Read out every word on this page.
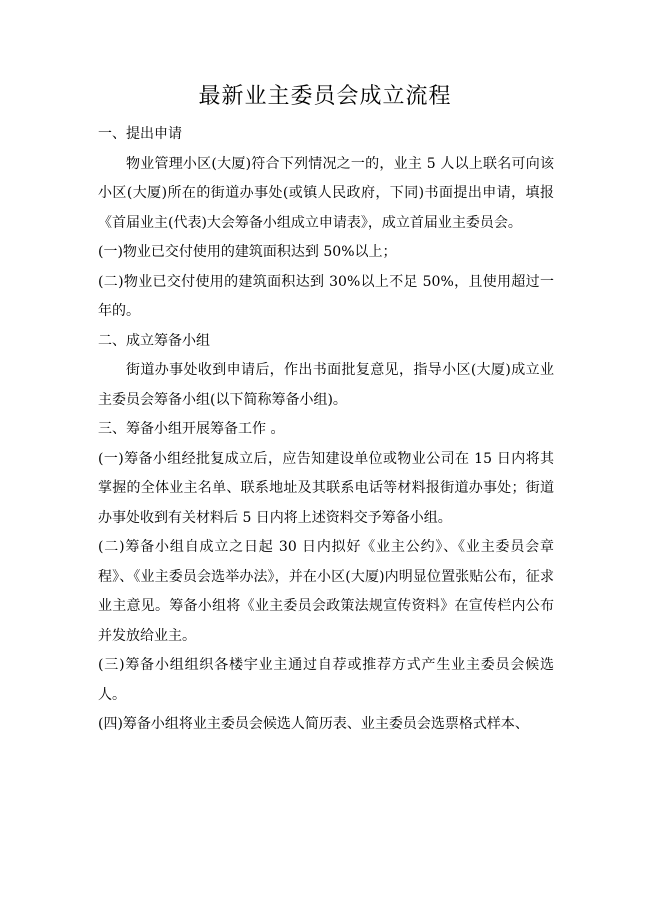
最新业主委员会成立流程

一、提出申请

物业管理小区(大厦)符合下列情况之一的，业主 5 人以上联名可向该小区(大厦)所在的街道办事处(或镇人民政府，下同)书面提出申请，填报《首届业主(代表)大会筹备小组成立申请表》，成立首届业主委员会。

(一)物业已交付使用的建筑面积达到 50%以上；

(二)物业已交付使用的建筑面积达到 30%以上不足 50%，且使用超过一年的。

二、成立筹备小组

街道办事处收到申请后，作出书面批复意见，指导小区(大厦)成立业主委员会筹备小组(以下简称筹备小组)。

三、筹备小组开展筹备工作 。

(一)筹备小组经批复成立后，应告知建设单位或物业公司在 15 日内将其掌握的全体业主名单、联系地址及其联系电话等材料报街道办事处；街道办事处收到有关材料后 5 日内将上述资料交予筹备小组。

(二)筹备小组自成立之日起 30 日内拟好《业主公约》、《业主委员会章程》、《业主委员会选举办法》，并在小区(大厦)内明显位置张贴公布，征求业主意见。筹备小组将《业主委员会政策法规宣传资料》在宣传栏内公布并发放给业主。

(三)筹备小组组织各楼宇业主通过自荐或推荐方式产生业主委员会候选人。

(四)筹备小组将业主委员会候选人简历表、业主委员会选票格式样本、
